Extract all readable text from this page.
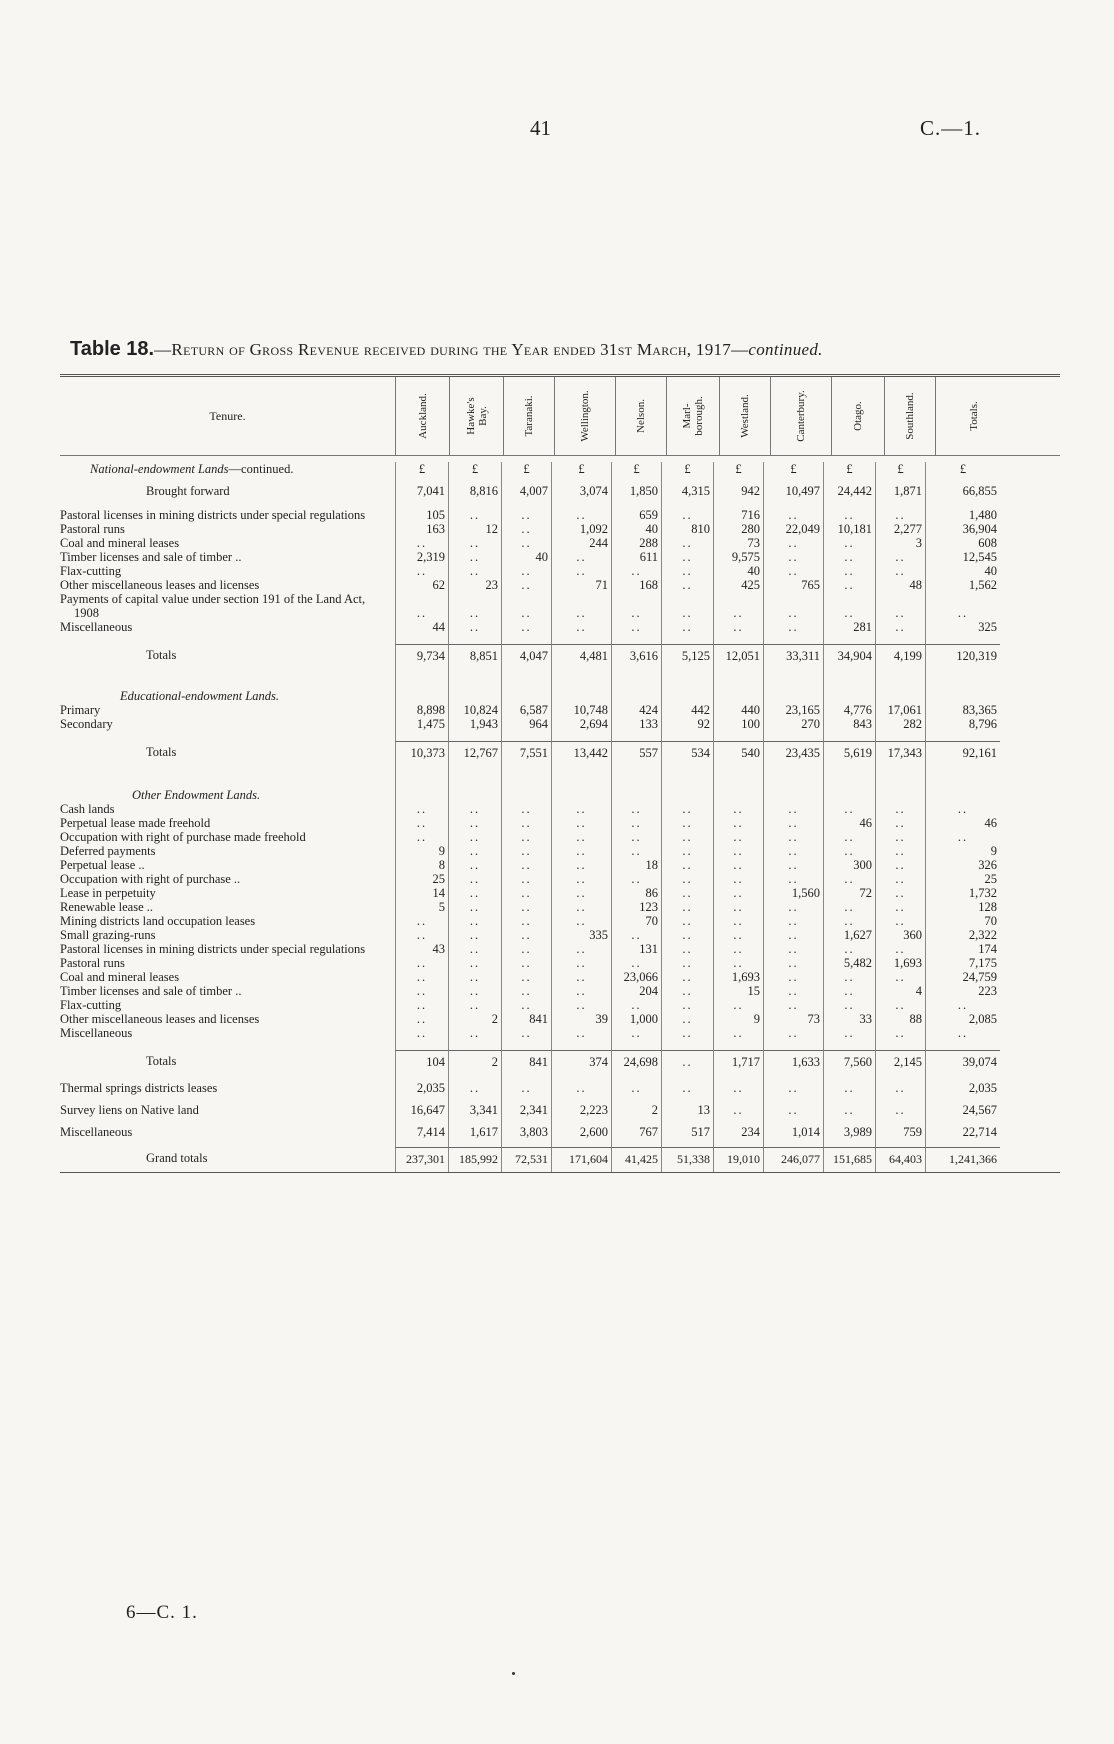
41	C.—1.
Table 18.—Return of Gross Revenue received during the Year ended 31st March, 1917—continued.
Tenure.	Auckland.	Hawke's
Bay.	Taranaki.	Wellington.	Nelson.	Marl-
borough.	Westland.	Canterbury.	Otago.	Southland.	Totals.
National-endowment Lands—continued.	£	£	£	£	£	£	£	£	£	£	£
Brought forward	7,041	8,816	4,007	3,074	1,850	4,315	942	10,497	24,442	1,871	66,855
Pastoral licenses in mining districts under special regulations	105	..	..	..	659	..	716	..	..	..	1,480
Pastoral runs	163	12	..	1,092	40	810	280	22,049	10,181	2,277	36,904
Coal and mineral leases	..	..	..	244	288	..	73	..	..	3	608
Timber licenses and sale of timber ..	2,319	..	40	..	611	..	9,575	..	..	..	12,545
Flax-cutting	..	..	..	..	..	..	40	..	..	..	40
Other miscellaneous leases and licenses	62	23	..	71	168	..	425	765	..	48	1,562
Payments of capital value under section 191 of the Land Act, 1908	..	..	..	..	..	..	..	..	..	..	..
Miscellaneous	44	..	..	..	..	..	..	..	281	..	325
Totals	9,734	8,851	4,047	4,481	3,616	5,125	12,051	33,311	34,904	4,199	120,319
Educational-endowment Lands.
Primary	8,898	10,824	6,587	10,748	424	442	440	23,165	4,776	17,061	83,365
Secondary	1,475	1,943	964	2,694	133	92	100	270	843	282	8,796
Totals	10,373	12,767	7,551	13,442	557	534	540	23,435	5,619	17,343	92,161
Other Endowment Lands.
Cash lands	..	..	..	..	..	..	..	..	..	..	..
Perpetual lease made freehold	..	..	..	..	..	..	..	..	46	..	46
Occupation with right of purchase made freehold	..	..	..	..	..	..	..	..	..	..	..
Deferred payments	9	..	..	..	..	..	..	..	..	..	9
Perpetual lease ..	8	..	..	..	18	..	..	..	300	..	326
Occupation with right of purchase ..	25	..	..	..	..	..	..	..	..	..	25
Lease in perpetuity	14	..	..	..	86	..	..	1,560	72	..	1,732
Renewable lease ..	5	..	..	..	123	..	..	..	..	..	128
Mining districts land occupation leases	..	..	..	..	70	..	..	..	..	..	70
Small grazing-runs	..	..	..	335	..	..	..	..	1,627	360	2,322
Pastoral licenses in mining districts under special regulations	43	..	..	..	131	..	..	..	..	..	174
Pastoral runs	..	..	..	..	..	..	..	..	5,482	1,693	7,175
Coal and mineral leases	..	..	..	..	23,066	..	1,693	..	..	..	24,759
Timber licenses and sale of timber ..	..	..	..	..	204	..	15	..	..	4	223
Flax-cutting	..	..	..	..	..	..	..	..	..	..	..
Other miscellaneous leases and licenses	..	2	841	39	1,000	..	9	73	33	88	2,085
Miscellaneous	..	..	..	..	..	..	..	..	..	..	..
Totals	104	2	841	374	24,698	..	1,717	1,633	7,560	2,145	39,074
Thermal springs districts leases	2,035	..	..	..	..	..	..	..	..	..	2,035
Survey liens on Native land	16,647	3,341	2,341	2,223	2	13	..	..	..	..	24,567
Miscellaneous	7,414	1,617	3,803	2,600	767	517	234	1,014	3,989	759	22,714
Grand totals	237,301	185,992	72,531	171,604	41,425	51,338	19,010	246,077	151,685	64,403	1,241,366
6—C. 1.
